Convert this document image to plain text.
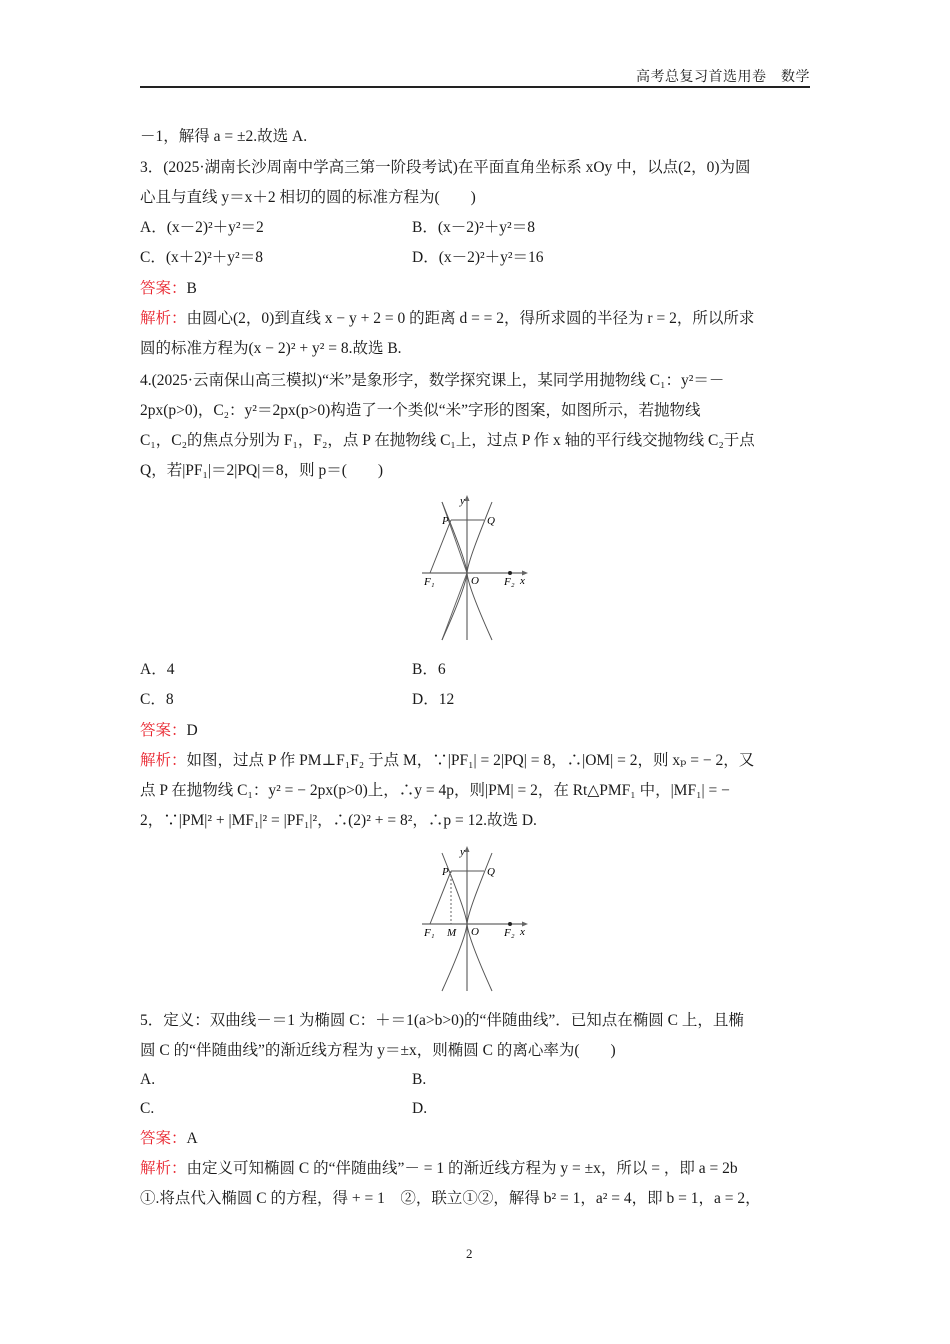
高考总复习首选用卷　数学
－1，解得 a = ±2.故选 A.
3．(2025·湖南长沙周南中学高三第一阶段考试)在平面直角坐标系 xOy 中，以点(2，0)为圆
心且与直线 y＝x＋2 相切的圆的标准方程为(　　)
A．(x－2)²＋y²＝2	B．(x－2)²＋y²＝8
C．(x＋2)²＋y²＝8	D．(x－2)²＋y²＝16
答案：B
解析：由圆心(2，0)到直线 x − y + 2 = 0 的距离 d = = 2，得所求圆的半径为 r = 2，所以所求
圆的标准方程为(x − 2)² + y² = 8.故选 B.
4.(2025·云南保山高三模拟)“米”是象形字，数学探究课上，某同学用抛物线 C₁：y²＝－
2px(p>0)，C₂：y²＝2px(p>0)构造了一个类似“米”字形的图案，如图所示，若抛物线
C₁，C₂的焦点分别为 F₁，F₂，点 P 在抛物线 C₁上，过点 P 作 x 轴的平行线交抛物线 C₂于点
Q，若|PF₁|＝2|PQ|＝8，则 p＝(　　)
y
P	Q
F₁	O F₂ x
A．4	B．6
C．8	D．12
答案：D
解析：如图，过点 P 作 PM⊥F₁F₂ 于点 M，∵|PF₁| = 2|PQ| = 8，∴|OM| = 2，则 xₚ = − 2，又
点 P 在抛物线 C₁：y² = − 2px(p>0)上，∴y = 4p，则|PM| = 2，在 Rt△PMF₁ 中，|MF₁| = −
2，∵|PM|² + |MF₁|² = |PF₁|²，∴(2)² + = 8²，∴p = 12.故选 D.
y
P	Q
F₁ M O F₂ x
5．定义：双曲线－＝1 为椭圆 C：＋＝1(a>b>0)的“伴随曲线”．已知点在椭圆 C 上，且椭
圆 C 的“伴随曲线”的渐近线方程为 y＝±x，则椭圆 C 的离心率为(　　)
A.	B.
C.	D.
答案：A
解析：由定义可知椭圆 C 的“伴随曲线”－ = 1 的渐近线方程为 y = ±x，所以 = ，即 a = 2b
①.将点代入椭圆 C 的方程，得 + = 1　②，联立①②，解得 b² = 1，a² = 4，即 b = 1，a = 2，
2
